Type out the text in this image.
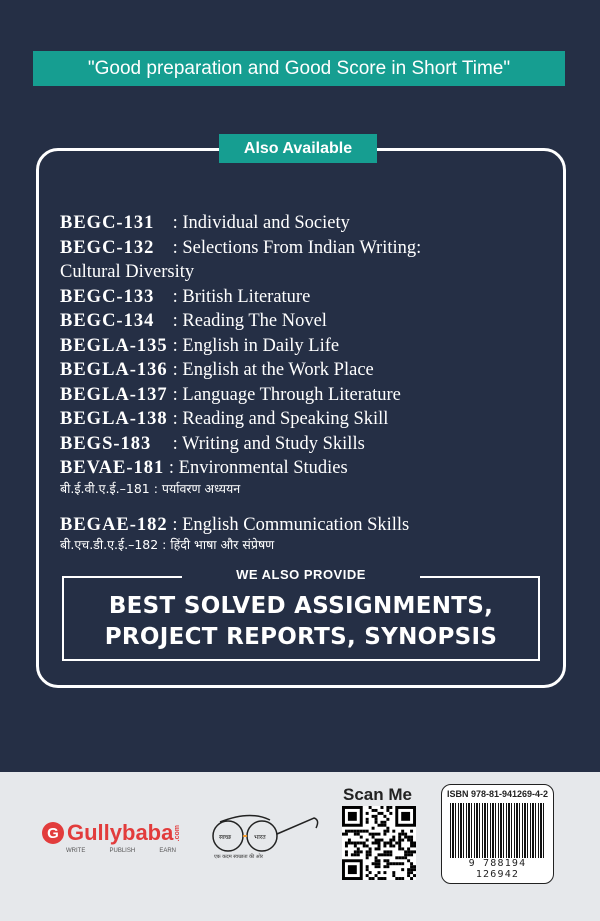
"Good preparation and Good Score in Short Time"
Also Available
BEGC-131 : Individual and Society
BEGC-132 : Selections From Indian Writing:
Cultural Diversity
BEGC-133 : British Literature
BEGC-134 : Reading The Novel
BEGLA-135 : English in Daily Life
BEGLA-136 : English at the Work Place
BEGLA-137 : Language Through Literature
BEGLA-138 : Reading and Speaking Skill
BEGS-183 : Writing and Study Skills
BEVAE-181 : Environmental Studies
बी.ई.वी.ए.ई.–181 : पर्यावरण अध्ययन
BEGAE-182 : English Communication Skills
बी.एच.डी.ए.ई.–182 : हिंदी भाषा और संप्रेषण
WE ALSO PROVIDE
BEST SOLVED ASSIGNMENTS,
PROJECT REPORTS, SYNOPSIS
G Gullybaba .com
WRITE	PUBLISH	EARN
स्वच्छ	भारत
एक कदम स्वच्छता की ओर
Scan Me	ISBN 978-81-941269-4-2
9 788194 126942
